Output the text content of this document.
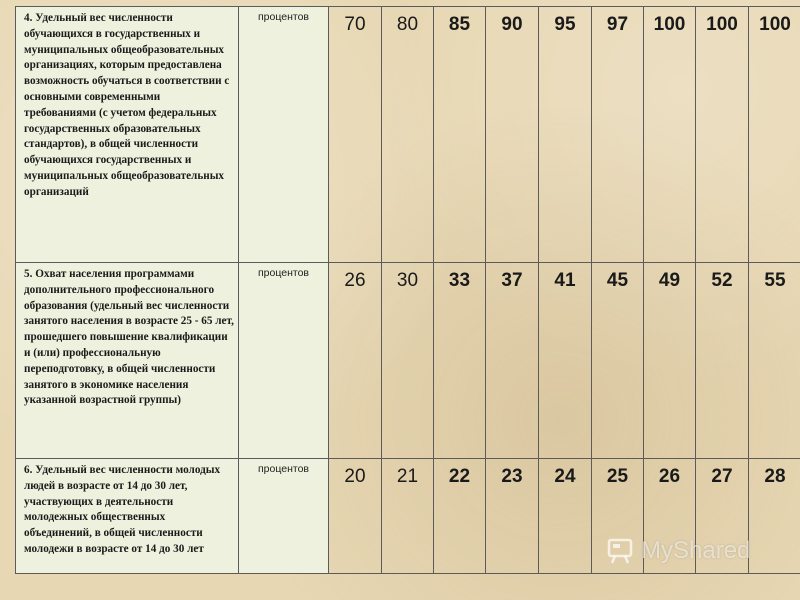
4. Удельный вес численности обучающихся в государственных и муниципальных общеобразовательных организациях, которым предоставлена возможность обучаться в соответствии с основными современными требованиями (с учетом федеральных государственных образовательных стандартов), в общей численности обучающихся государственных и муниципальных общеобразовательных организаций	процентов	70	80	85	90	95	97	100	100	100
5. Охват населения программами дополнительного профессионального образования (удельный вес численности занятого населения в возрасте 25 - 65 лет, прошедшего повышение квалификации и (или) профессиональную переподготовку, в общей численности занятого в экономике населения указанной возрастной группы)	процентов	26	30	33	37	41	45	49	52	55
6. Удельный вес численности молодых людей в возрасте от 14 до 30 лет, участвующих в деятельности молодежных общественных объединений, в общей численности молодежи в возрасте от 14 до 30 лет	процентов	20	21	22	23	24	25	26	27	28
MyShared
